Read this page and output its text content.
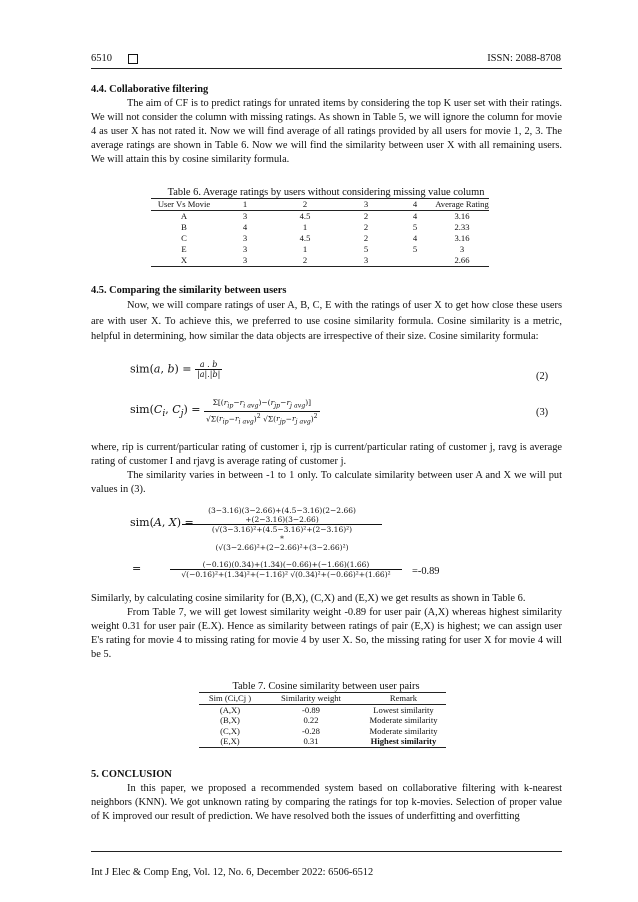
6510	ISSN: 2088-8708
4.4. Collaborative filtering
The aim of CF is to predict ratings for unrated items by considering the top K user set with their ratings. We will not consider the column with missing ratings. As shown in Table 5, we will ignore the column for movie 4 as user X has not rated it. Now we will find average of all ratings provided by all users for movie 1, 2, 3. The average ratings are shown in Table 6. Now we will find the similarity between user X with all remaining users. We will attain this by cosine similarity formula.
Table 6. Average ratings by users without considering missing value column
User Vs Movie	1	2	3	4	Average Rating

A	3	4.5	2	4	3.16
B	4	1	2	5	2.33
C	3	4.5	2	4	3.16
E	3	1	5	5	3
X	3	2	3		2.66
4.5. Comparing the similarity between users
Now, we will compare ratings of user A, B, C, E with the ratings of user X to get how close these users are with user X. To achieve this, we preferred to use cosine similarity formula. Cosine similarity is a metric, helpful in determining, how similar the data objects are irrespective of their size. Cosine similarity formula:
sim(a, $b) = \frac{a . b}{|a|.|b|}$	(2)
$sim(C_i$, $C_j) = \frac{\Sigma[(r_{ip}-r_{i avg})-(r_{jp}-r_{j avg})]}{√\Sigma(r_{ip}-r_{i avg})^2 √\Sigma(r_{jp}-r_{j avg})^2}$	(3)
where, rip is current/particular rating of customer i, rjp is current/particular rating of customer j, ravg is average rating of customer I and rjavg is average rating of customer j.
The similarity varies in between -1 to 1 only. To calculate similarity between user A and X we will put values in (3).
sim(A, X) =
(3−3.16)(3−2.66)+(4.5−3.16)(2−2.66)
+(2−3.16)(3−2.66)
(√(3−3.16)²+(4.5−3.16)²+(2−3.16)²)
*
(√(3−2.66)²+(2−2.66)²+(3−2.66)²)
=	(−0.16)(0.34)+(1.34)(−0.66)+(−1.66)(1.66)
√(−0.16)²+(1.34)²+(−1.16)² √(0.34)²+(−0.66)²+(1.66)²	=-0.89
Similarly, by calculating cosine similarity for (B,X), (C,X) and (E,X) we get results as shown in Table 6.
From Table 7, we will get lowest similarity weight -0.89 for user pair (A,X) whereas highest similarity weight 0.31 for user pair (E.X). Hence as similarity between ratings of pair (E,X) is highest; we can assign user E's rating for movie 4 to missing rating for movie 4 by user X. So, the missing rating for user X for movie 4 will be 5.
Table 7. Cosine similarity between user pairs
Sim (Ci,Cj )	Similarity weight	Remark

(A,X)	-0.89	Lowest similarity
(B,X)	0.22	Moderate similarity
(C,X)	-0.28	Moderate similarity
(E,X)	0.31	Highest similarity
5. CONCLUSION
In this paper, we proposed a recommended system based on collaborative filtering with k-nearest neighbors (KNN). We got unknown rating by comparing the ratings for top k-movies. Selection of proper value of K improved our result of prediction. We have resolved both the issues of underfitting and overfitting
Int J Elec & Comp Eng, Vol. 12, No. 6, December 2022: 6506-6512
